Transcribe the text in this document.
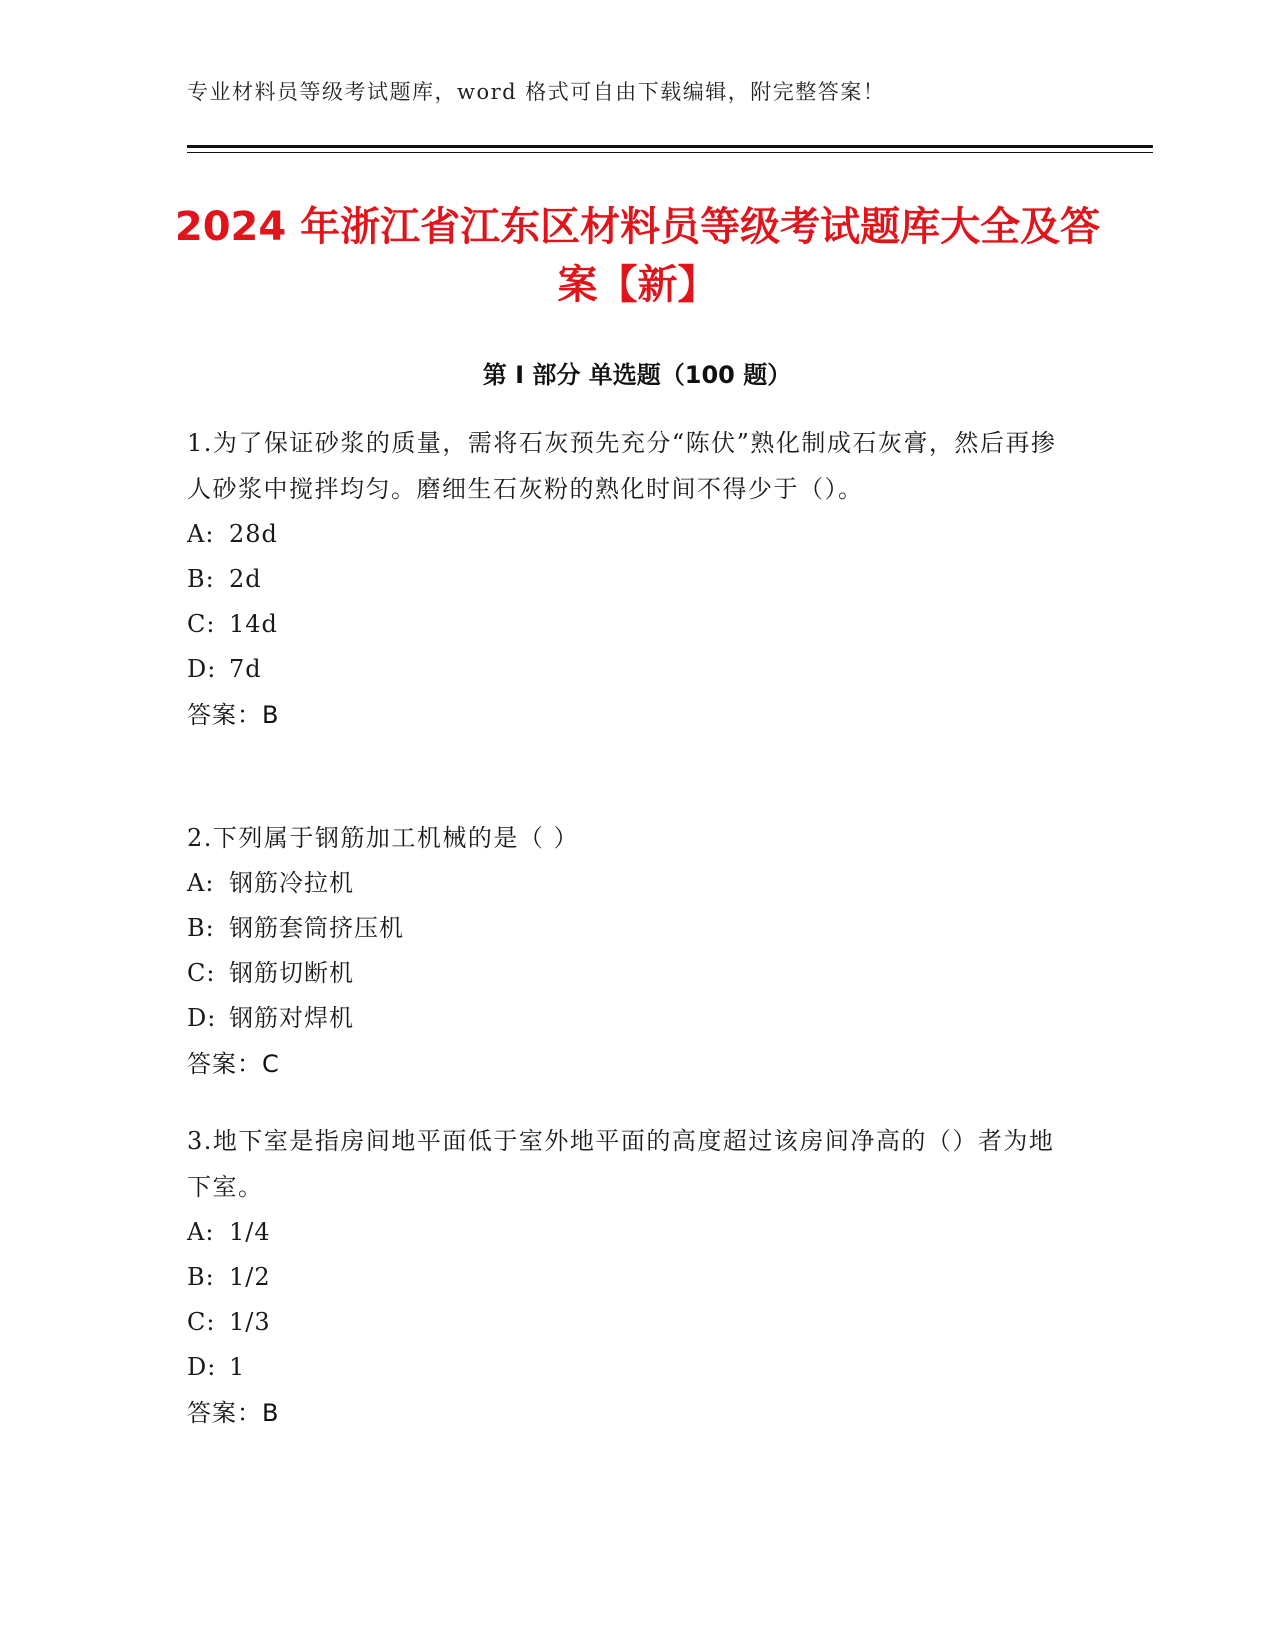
专业材料员等级考试题库，word 格式可自由下载编辑，附完整答案！
2024 年浙江省江东区材料员等级考试题库大全及答案【新】
第 I 部分 单选题（100 题）
1.为了保证砂浆的质量，需将石灰预先充分“陈伏”熟化制成石灰膏，然后再掺人砂浆中搅拌均匀。磨细生石灰粉的熟化时间不得少于（）。
A: 28d
B: 2d
C: 14d
D: 7d
答案：B
2.下列属于钢筋加工机械的是（ ）
A: 钢筋冷拉机
B: 钢筋套筒挤压机
C: 钢筋切断机
D: 钢筋对焊机
答案：C
3.地下室是指房间地平面低于室外地平面的高度超过该房间净高的（）者为地下室。
A: 1/4
B: 1/2
C: 1/3
D: 1
答案：B
